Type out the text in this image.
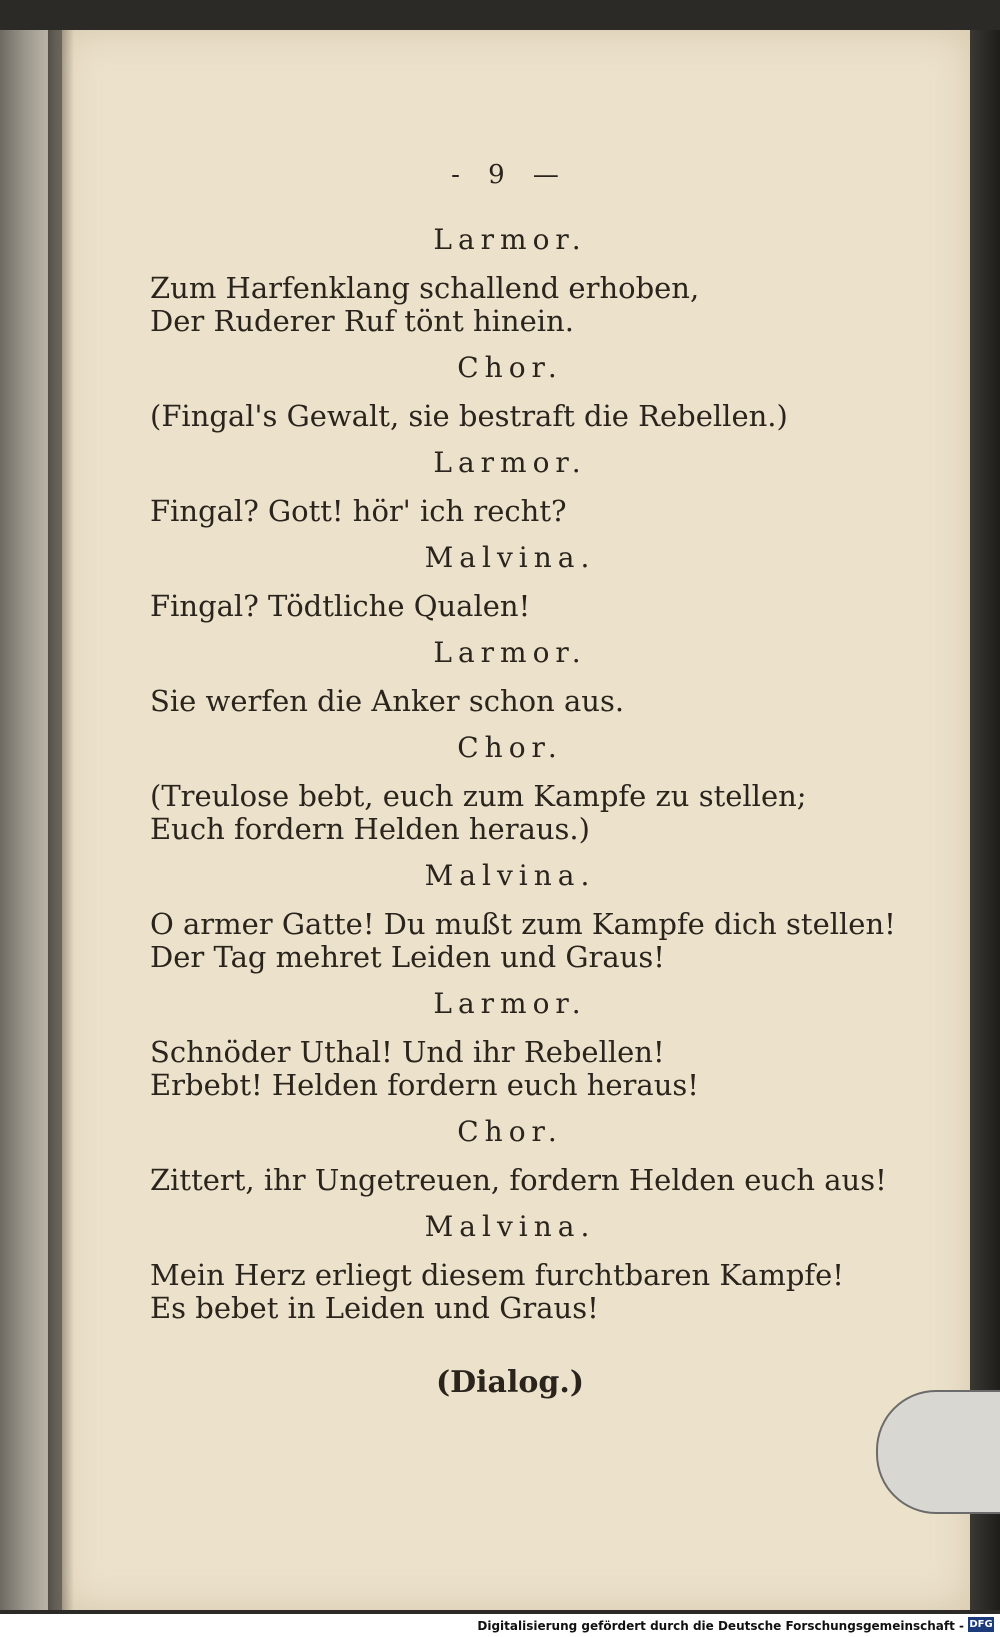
- 9 —
Larmor.
Zum Harfenklang schallend erhoben,
Der Ruderer Ruf tönt hinein.
Chor.
(Fingal's Gewalt, sie bestraft die Rebellen.)
Larmor.
Fingal? Gott! hör' ich recht?
Malvina.
Fingal? Tödtliche Qualen!
Larmor.
Sie werfen die Anker schon aus.
Chor.
(Treulose bebt, euch zum Kampfe zu stellen;
Euch fordern Helden heraus.)
Malvina.
O armer Gatte! Du mußt zum Kampfe dich stellen!
Der Tag mehret Leiden und Graus!
Larmor.
Schnöder Uthal! Und ihr Rebellen!
Erbebt! Helden fordern euch heraus!
Chor.
Zittert, ihr Ungetreuen, fordern Helden euch aus!
Malvina.
Mein Herz erliegt diesem furchtbaren Kampfe!
Es bebet in Leiden und Graus!
(Dialog.)
Digitalisierung gefördert durch die Deutsche Forschungsgemeinschaft - DFG
